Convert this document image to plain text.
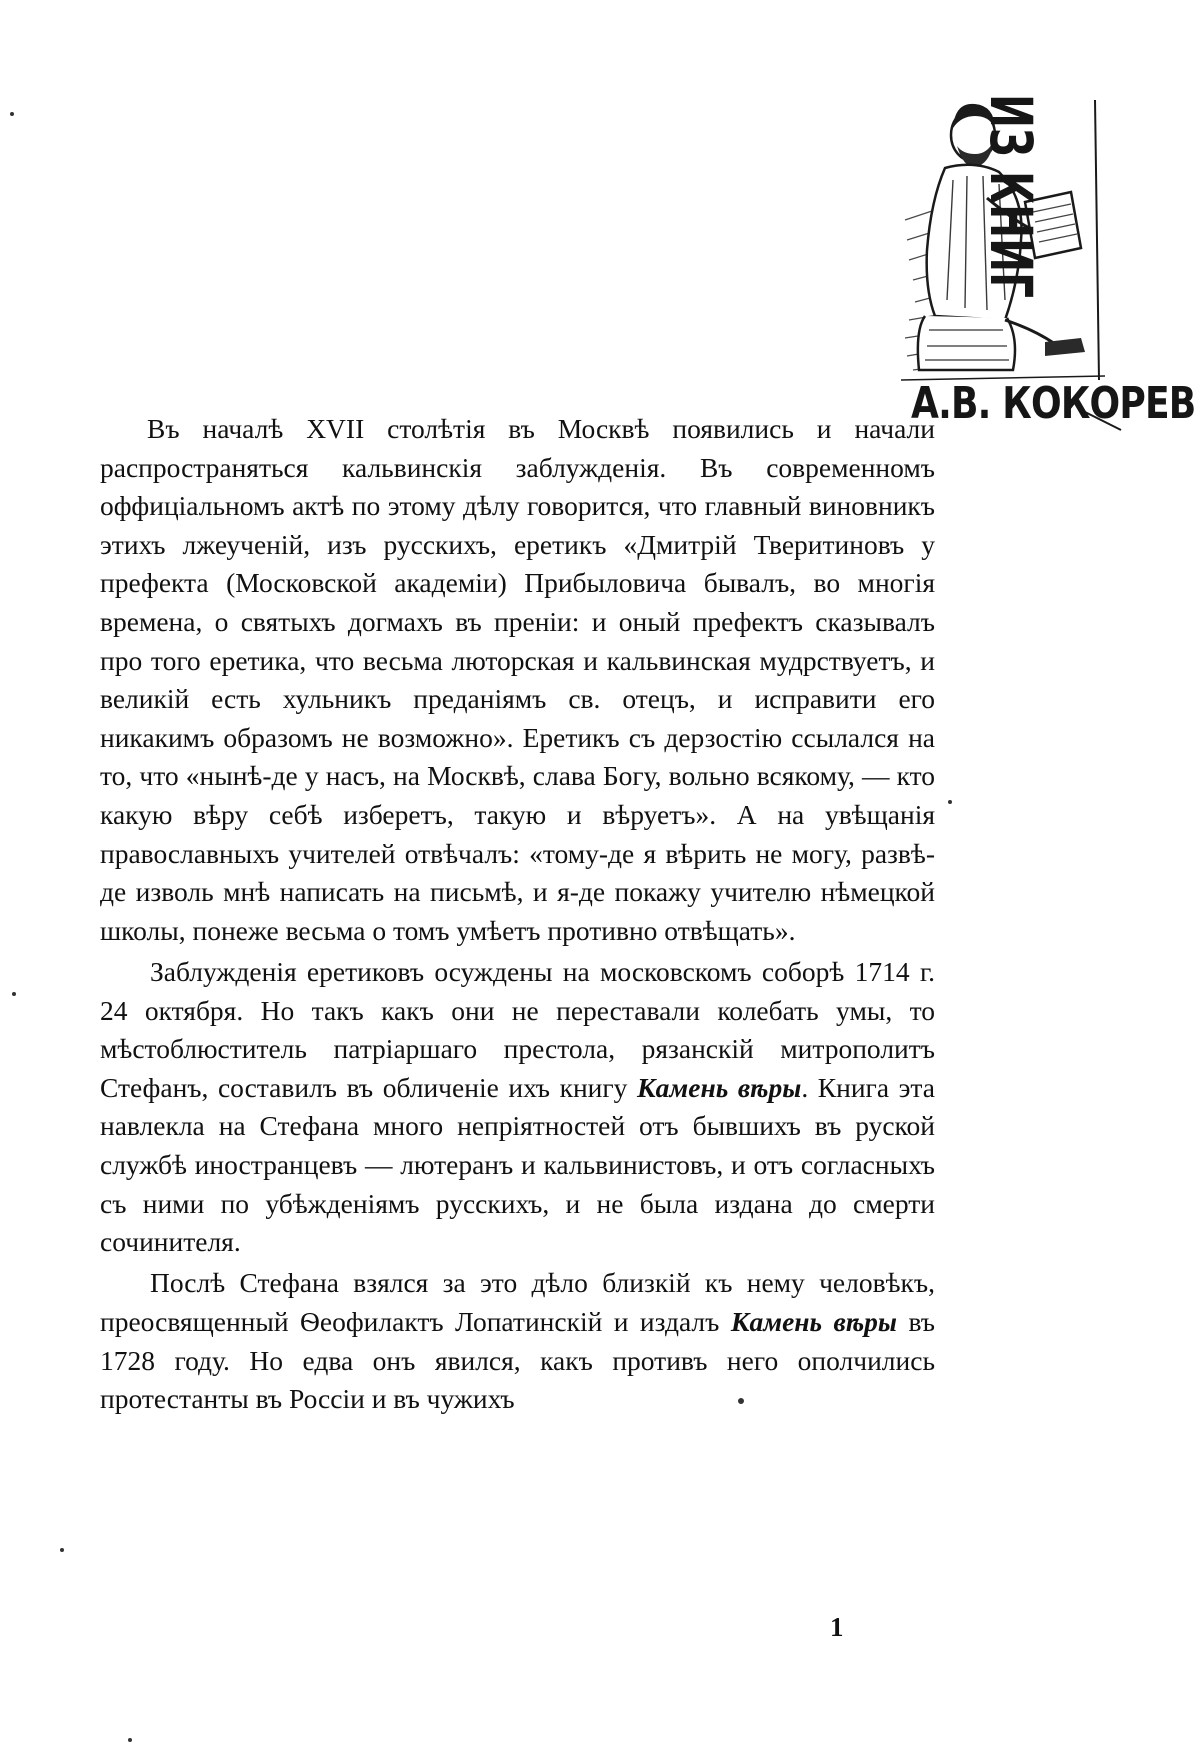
ИЗ КНИГ
А.В. КОКОРЕВ

Въ началѣ XVII столѣтія въ Москвѣ появились и начали распространяться кальвинскія заблужденія. Въ современномъ оффиціальномъ актѣ по этому дѣлу говорится, что главный виновникъ этихъ лжеученій, изъ русскихъ, еретикъ «Дмитрій Тверитиновъ у префекта (Московской академіи) Прибыловича бывалъ, во многія времена, о святыхъ догмахъ въ преніи: и оный префектъ сказывалъ про того еретика, что весьма люторская и кальвинская мудрствуетъ, и великій есть хульникъ преданіямъ св. отецъ, и исправити его никакимъ образомъ не возможно». Еретикъ съ дерзостію ссылался на то, что «нынѣ-де у насъ, на Москвѣ, слава Богу, вольно всякому, — кто какую вѣру себѣ изберетъ, такую и вѣруетъ». А на увѣщанія православныхъ учителей отвѣчалъ: «тому-де я вѣрить не могу, развѣ-де изволь мнѣ написать на письмѣ, и я-де покажу учителю нѣмецкой школы, понеже весьма о томъ умѣетъ противно отвѣщать».

Заблужденія еретиковъ осуждены на московскомъ соборѣ 1714 г. 24 октября. Но такъ какъ они не переставали колебать умы, то мѣстоблюститель патріаршаго престола, рязанскій митрополитъ Стефанъ, составилъ въ обличеніе ихъ книгу Камень вѣры. Книга эта навлекла на Стефана много непріятностей отъ бывшихъ въ руской службѣ иностранцевъ — лютеранъ и кальвинистовъ, и отъ согласныхъ съ ними по убѣжденіямъ русскихъ, и не была издана до смерти сочинителя.

Послѣ Стефана взялся за это дѣло близкій къ нему человѣкъ, преосвященный Ѳеофилактъ Лопатинскій и издалъ Камень вѣры въ 1728 году. Но едва онъ явился, какъ противъ него ополчились протестанты въ Россіи и въ чужихъ

1
